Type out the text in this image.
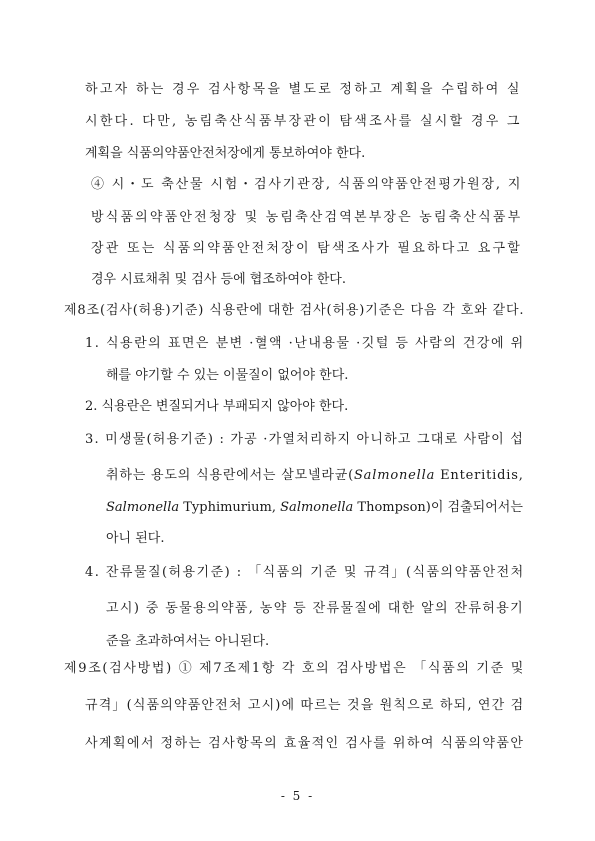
하고자 하는 경우 검사항목을 별도로 정하고 계획을 수립하여 실
시한다. 다만, 농림축산식품부장관이 탐색조사를 실시할 경우 그
계획을 식품의약품안전처장에게 통보하여야 한다.
④ 시・도 축산물 시험・검사기관장, 식품의약품안전평가원장, 지
방식품의약품안전청장 및 농림축산검역본부장은 농림축산식품부
장관 또는 식품의약품안전처장이 탐색조사가 필요하다고 요구할
경우 시료채취 및 검사 등에 협조하여야 한다.
제8조(검사(허용)기준) 식용란에 대한 검사(허용)기준은 다음 각 호와 같다.
1. 식용란의 표면은 분변 ·혈액 ·난내용물 ·깃털 등 사람의 건강에 위
해를 야기할 수 있는 이물질이 없어야 한다.
2. 식용란은 변질되거나 부패되지 않아야 한다.
3. 미생물(허용기준) : 가공 ·가열처리하지 아니하고 그대로 사람이 섭
취하는 용도의 식용란에서는 살모넬라균(Salmonella Enteritidis,
Salmonella Typhimurium, Salmonella Thompson)이 검출되어서는
아니 된다.
4. 잔류물질(허용기준) : 「식품의 기준 및 규격」(식품의약품안전처
고시) 중 동물용의약품, 농약 등 잔류물질에 대한 알의 잔류허용기
준을 초과하여서는 아니된다.
제9조(검사방법) ① 제7조제1항 각 호의 검사방법은 「식품의 기준 및
규격」(식품의약품안전처 고시)에 따르는 것을 원칙으로 하되, 연간 검
사계획에서 정하는 검사항목의 효율적인 검사를 위하여 식품의약품안
- 5 -
